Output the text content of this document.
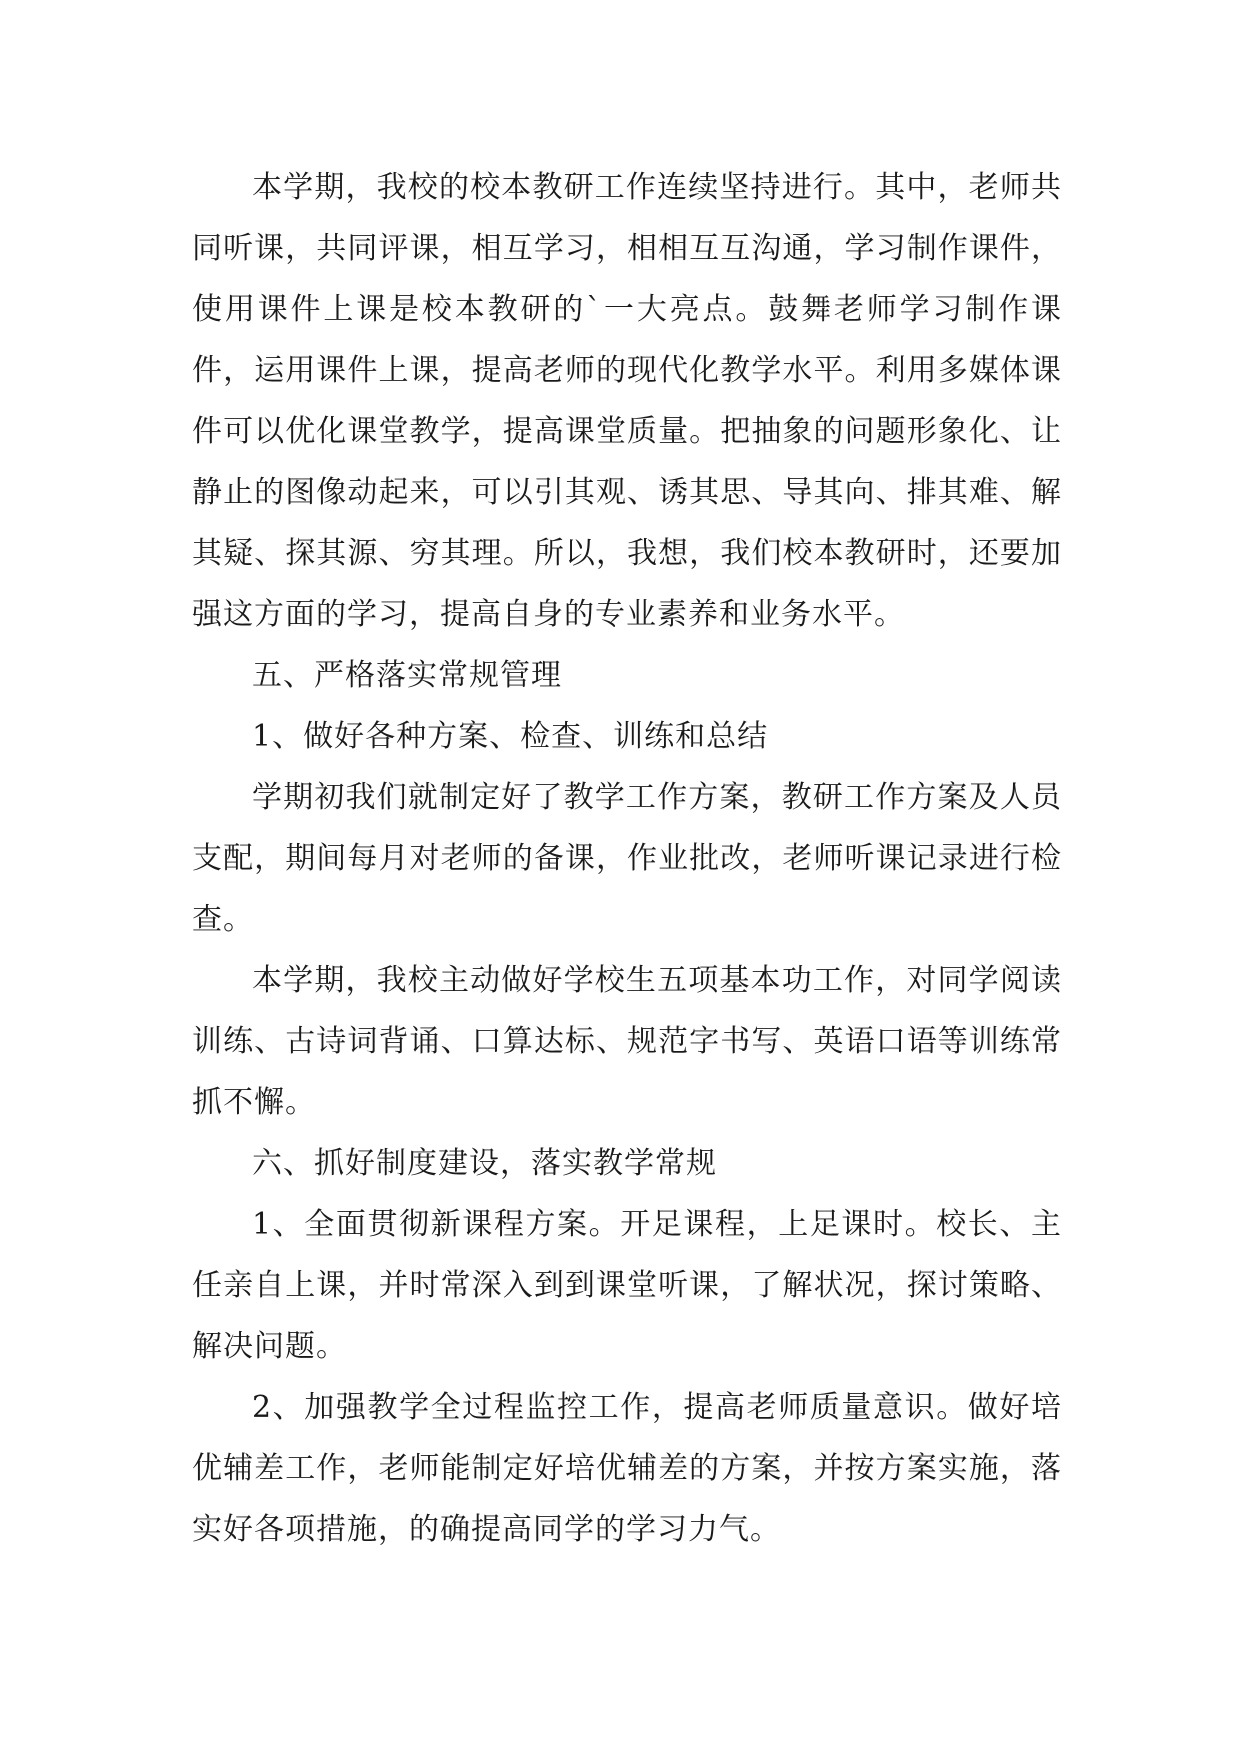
本学期，我校的校本教研工作连续坚持进行。其中，老师共同听课，共同评课，相互学习，相相互互沟通，学习制作课件，使用课件上课是校本教研的`一大亮点。鼓舞老师学习制作课件，运用课件上课，提高老师的现代化教学水平。利用多媒体课件可以优化课堂教学，提高课堂质量。把抽象的问题形象化、让静止的图像动起来，可以引其观、诱其思、导其向、排其难、解其疑、探其源、穷其理。所以，我想，我们校本教研时，还要加强这方面的学习，提高自身的专业素养和业务水平。

五、严格落实常规管理

1、做好各种方案、检查、训练和总结

学期初我们就制定好了教学工作方案，教研工作方案及人员支配，期间每月对老师的备课，作业批改，老师听课记录进行检查。

本学期，我校主动做好学校生五项基本功工作，对同学阅读训练、古诗词背诵、口算达标、规范字书写、英语口语等训练常抓不懈。

六、抓好制度建设，落实教学常规

1、全面贯彻新课程方案。开足课程，上足课时。校长、主任亲自上课，并时常深入到到课堂听课，了解状况，探讨策略、解决问题。

2、加强教学全过程监控工作，提高老师质量意识。做好培优辅差工作，老师能制定好培优辅差的方案，并按方案实施，落实好各项措施，的确提高同学的学习力气。
